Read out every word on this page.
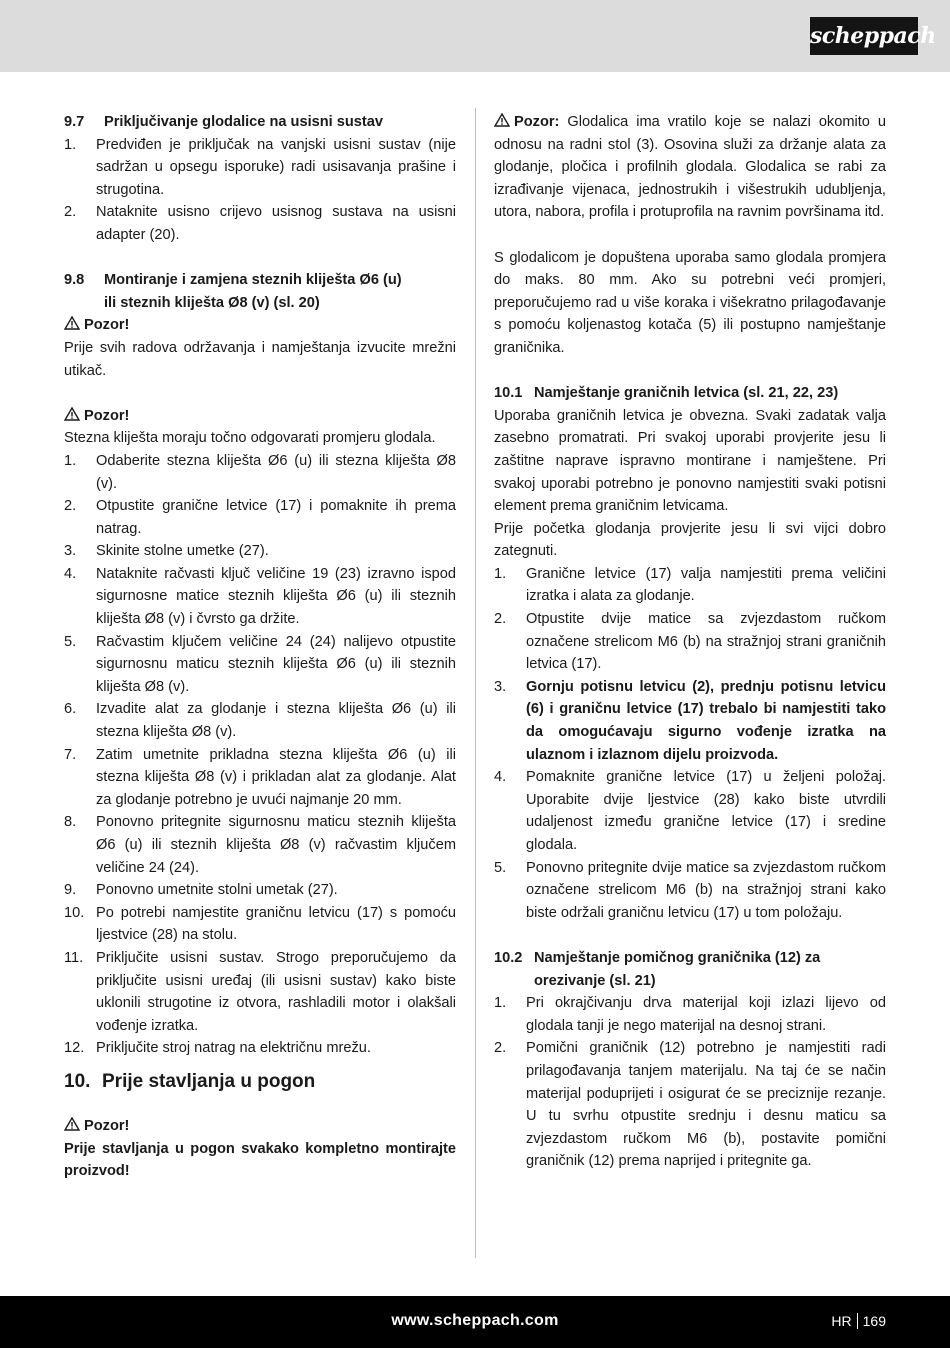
scheppach

9.7 Priključivanje glodalice na usisni sustav

1. Predviđen je priključak na vanjski usisni sustav (nije sadržan u opsegu isporuke) radi usisavanja prašine i strugotina.
2. Nataknite usisno crijevo usisnog sustava na usisni adapter (20).

9.8 Montiranje i zamjena steznih kliješta Ø6 (u)

ili steznih kliješta Ø8 (v) (sl. 20)

Pozor!

Prije svih radova održavanja i namještanja izvucite mrežni utikač.

Pozor!

Stezna kliješta moraju točno odgovarati promjeru glodala.

1. Odaberite stezna kliješta Ø6 (u) ili stezna kliješta Ø8 (v).
2. Otpustite granične letvice (17) i pomaknite ih prema natrag.
3. Skinite stolne umetke (27).
4. Nataknite račvasti ključ veličine 19 (23) izravno ispod sigurnosne matice steznih kliješta Ø6 (u) ili steznih kliješta Ø8 (v) i čvrsto ga držite.
5. Račvastim ključem veličine 24 (24) nalijevo otpustite sigurnosnu maticu steznih kliješta Ø6 (u) ili steznih kliješta Ø8 (v).
6. Izvadite alat za glodanje i stezna kliješta Ø6 (u) ili stezna kliješta Ø8 (v).
7. Zatim umetnite prikladna stezna kliješta Ø6 (u) ili stezna kliješta Ø8 (v) i prikladan alat za glodanje. Alat za glodanje potrebno je uvući najmanje 20 mm.
8. Ponovno pritegnite sigurnosnu maticu steznih kliješta Ø6 (u) ili steznih kliješta Ø8 (v) račvastim ključem veličine 24 (24).
9. Ponovno umetnite stolni umetak (27).
10. Po potrebi namjestite graničnu letvicu (17) s pomoću ljestvice (28) na stolu.
11. Priključite usisni sustav. Strogo preporučujemo da priključite usisni uređaj (ili usisni sustav) kako biste uklonili strugotine iz otvora, rashladili motor i olakšali vođenje izratka.
12. Priključite stroj natrag na električnu mrežu.

10. Prije stavljanja u pogon

Pozor!

Prije stavljanja u pogon svakako kompletno montirajte proizvod!

Pozor: Glodalica ima vratilo koje se nalazi okomito u odnosu na radni stol (3). Osovina služi za držanje alata za glodanje, pločica i profilnih glodala. Glodalica se rabi za izrađivanje vijenaca, jednostrukih i višestrukih udubljenja, utora, nabora, profila i protuprofila na ravnim površinama itd.

S glodalicom je dopuštena uporaba samo glodala promjera do maks. 80 mm. Ako su potrebni veći promjeri, preporučujemo rad u više koraka i višekratno prilagođavanje s pomoću koljenastog kotača (5) ili postupno namještanje graničnika.

10.1 Namještanje graničnih letvica (sl. 21, 22, 23)

Uporaba graničnih letvica je obvezna. Svaki zadatak valja zasebno promatrati. Pri svakoj uporabi provjerite jesu li zaštitne naprave ispravno montirane i namještene. Pri svakoj uporabi potrebno je ponovno namjestiti svaki potisni element prema graničnim letvicama.

Prije početka glodanja provjerite jesu li svi vijci dobro zategnuti.

1. Granične letvice (17) valja namjestiti prema veličini izratka i alata za glodanje.
2. Otpustite dvije matice sa zvjezdastom ručkom označene strelicom M6 (b) na stražnjoj strani graničnih letvica (17).
3. Gornju potisnu letvicu (2), prednju potisnu letvicu (6) i graničnu letvice (17) trebalo bi namjestiti tako da omogućavaju sigurno vođenje izratka na ulaznom i izlaznom dijelu proizvoda.
4. Pomaknite granične letvice (17) u željeni položaj. Uporabite dvije ljestvice (28) kako biste utvrdili udaljenost između granične letvice (17) i sredine glodala.
5. Ponovno pritegnite dvije matice sa zvjezdastom ručkom označene strelicom M6 (b) na stražnjoj strani kako biste održali graničnu letvicu (17) u tom položaju.

10.2 Namještanje pomičnog graničnika (12) za

orezivanje (sl. 21)

1. Pri okrajčivanju drva materijal koji izlazi lijevo od glodala tanji je nego materijal na desnoj strani.
2. Pomični graničnik (12) potrebno je namjestiti radi prilagođavanja tanjem materijalu. Na taj će se način materijal poduprijeti i osigurat će se preciznije rezanje. U tu svrhu otpustite srednju i desnu maticu sa zvjezdastom ručkom M6 (b), postavite pomični graničnik (12) prema naprijed i pritegnite ga.
www.scheppach.com	HR 169
